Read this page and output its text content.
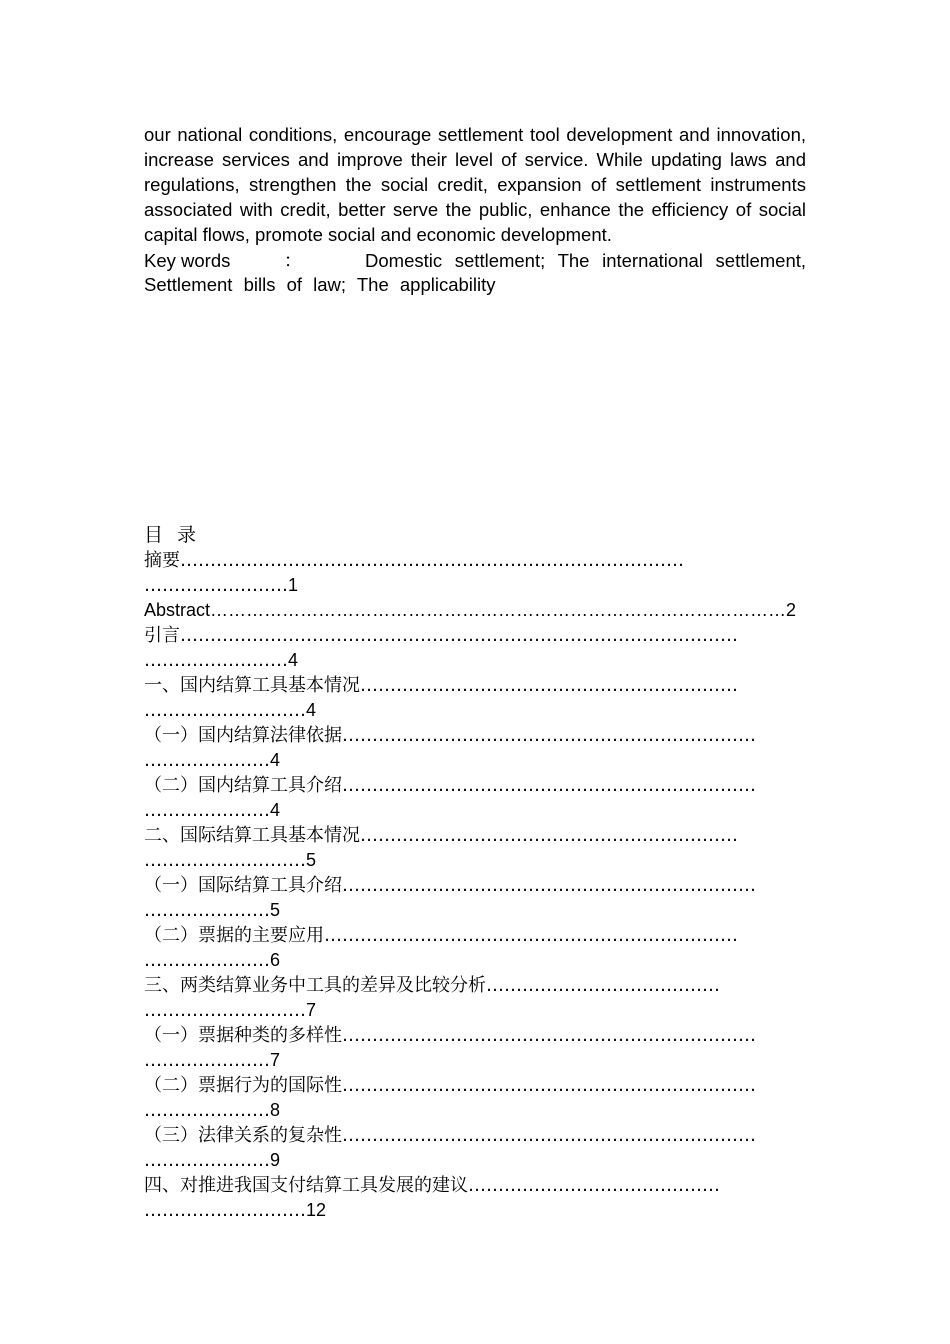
our national conditions, encourage settlement tool development and innovation, increase services and improve their level of service. While updating laws and regulations, strengthen the social credit, expansion of settlement instruments associated with credit, better serve the public, enhance the efficiency of social capital flows, promote social and economic development.

Key words	：	Domestic settlement; The international settlement, Settlement bills of law; The applicability

目 录

摘要…………………………………………………………………………
……………………1
Abstract……………………………………………………………………………………2
引言…………………………………………………………………………………
……………………4
一、国内结算工具基本情况………………………………………………………
………………………4
（一）国内结算法律依据……………………………………………………………
…………………4
（二）国内结算工具介绍……………………………………………………………
…………………4
二、国际结算工具基本情况………………………………………………………
………………………5
（一）国际结算工具介绍……………………………………………………………
…………………5
（二）票据的主要应用……………………………………………………………
…………………6
三、两类结算业务中工具的差异及比较分析…………………………………
………………………7
（一）票据种类的多样性……………………………………………………………
…………………7
（二）票据行为的国际性……………………………………………………………
…………………8
（三）法律关系的复杂性……………………………………………………………
…………………9
四、对推进我国支付结算工具发展的建议……………………………………
………………………12
